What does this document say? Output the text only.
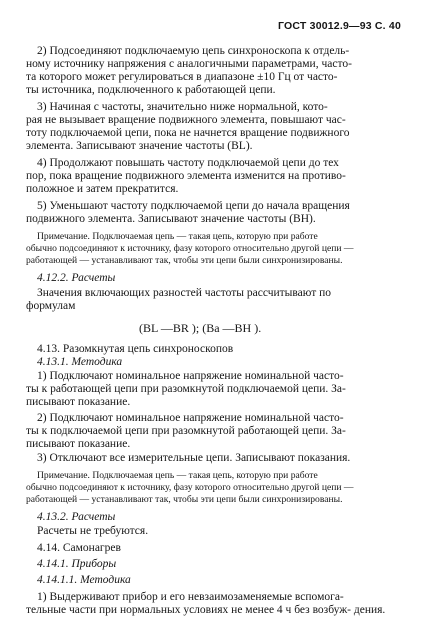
ГОСТ 30012.9—93 С. 40
2) Подсоединяют подключаемую цепь синхроноскопа к отдель-
ному источнику напряжения с аналогичными параметрами, часто-
та которого может регулироваться в диапазоне ±10 Гц от часто-
ты источника, подключенного к работающей цепи.
3) Начиная с частоты, значительно ниже нормальной, кото-
рая не вызывает вращение подвижного элемента, повышают час-
тоту подключаемой цепи, пока не начнется вращение подвижного
элемента. Записывают значение частоты (BL).
4) Продолжают повышать частоту подключаемой цепи до тех
пор, пока вращение подвижного элемента изменится на противо-
положное и затем прекратится.
5) Уменьшают частоту подключаемой цепи до начала вращения
подвижного элемента. Записывают значение частоты (BH).
Примечание. Подключаемая цепь — такая цепь, которую при работе
обычно подсоединяют к источнику, фазу которого относительно другой цепи —
работающей — устанавливают так, чтобы эти цепи были синхронизированы.
4.12.2. Расчеты
Значения включающих разностей частоты рассчитывают по
формулам
(BL —BR ); (Ba —BH ).
4.13. Разомкнутая цепь синхроноскопов
4.13.1. Методика
1) Подключают номинальное напряжение номинальной часто-
ты к работающей цепи при разомкнутой подключаемой цепи. За-
писывают показание.
2) Подключают номинальное напряжение номинальной часто-
ты к подключаемой цепи при разомкнутой работающей цепи. За-
писывают показание.
3) Отключают все измерительные цепи. Записывают показания.
Примечание. Подключаемая цепь — такая цепь, которую при работе
обычно подсоединяют к источнику, фазу которого относительно другой цепи —
работающей — устанавливают так, чтобы эти цепи были синхронизированы.
4.13.2. Расчеты
Расчеты не требуются.
4.14. Самонагрев
4.14.1. Приборы
4.14.1.1. Методика
1) Выдерживают прибор и его невзаимозаменяемые вспомога-
тельные части при нормальных условиях не менее 4 ч без возбуж- дения.
